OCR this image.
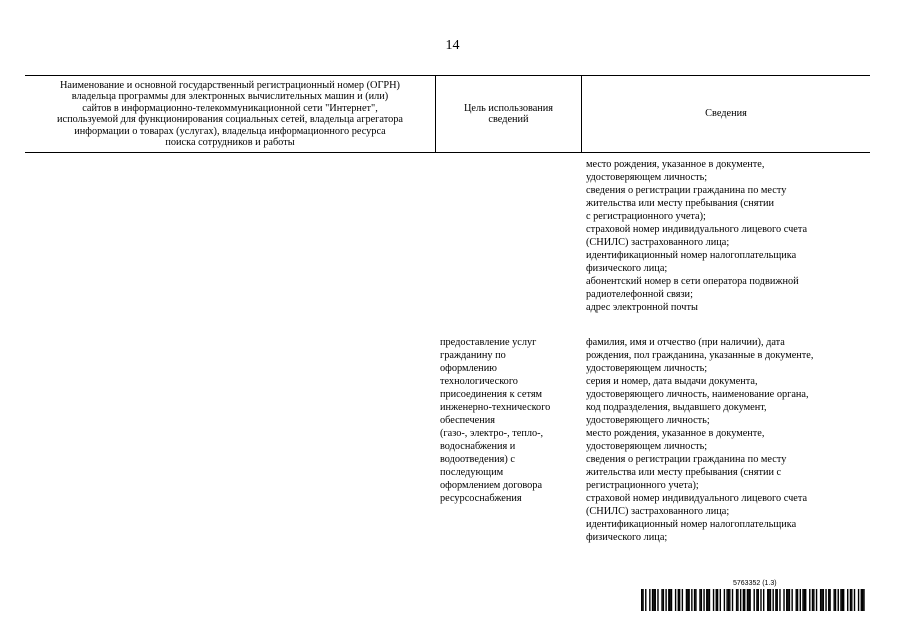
14
Наименование и основной государственный регистрационный номер (ОГРН)
владельца программы для электронных вычислительных машин и (или)
сайтов в информационно-телекоммуникационной сети "Интернет",
используемой для функционирования социальных сетей, владельца агрегатора
информации о товарах (услугах), владельца информационного ресурса
поиска сотрудников и работы
Цель использования
сведений
Сведения
место рождения, указанное в документе,
удостоверяющем личность;
сведения о регистрации гражданина по месту
жительства или месту пребывания (снятии
с регистрационного учета);
страховой номер индивидуального лицевого счета
(СНИЛС) застрахованного лица;
идентификационный номер налогоплательщика
физического лица;
абонентский номер в сети оператора подвижной
радиотелефонной связи;
адрес электронной почты
предоставление услуг
гражданину по
оформлению
технологического
присоединения к сетям
инженерно-технического
обеспечения
(газо-, электро-, тепло-,
водоснабжения и
водоотведения) с
последующим
оформлением договора
ресурсоснабжения
фамилия, имя и отчество (при наличии), дата
рождения, пол гражданина, указанные в документе,
удостоверяющем личность;
серия и номер, дата выдачи документа,
удостоверяющего личность, наименование органа,
код подразделения, выдавшего документ,
удостоверяющего личность;
место рождения, указанное в документе,
удостоверяющем личность;
сведения о регистрации гражданина по месту
жительства или месту пребывания (снятии с
регистрационного учета);
страховой номер индивидуального лицевого счета
(СНИЛС) застрахованного лица;
идентификационный номер налогоплательщика
физического лица;
5763352 (1.3)
